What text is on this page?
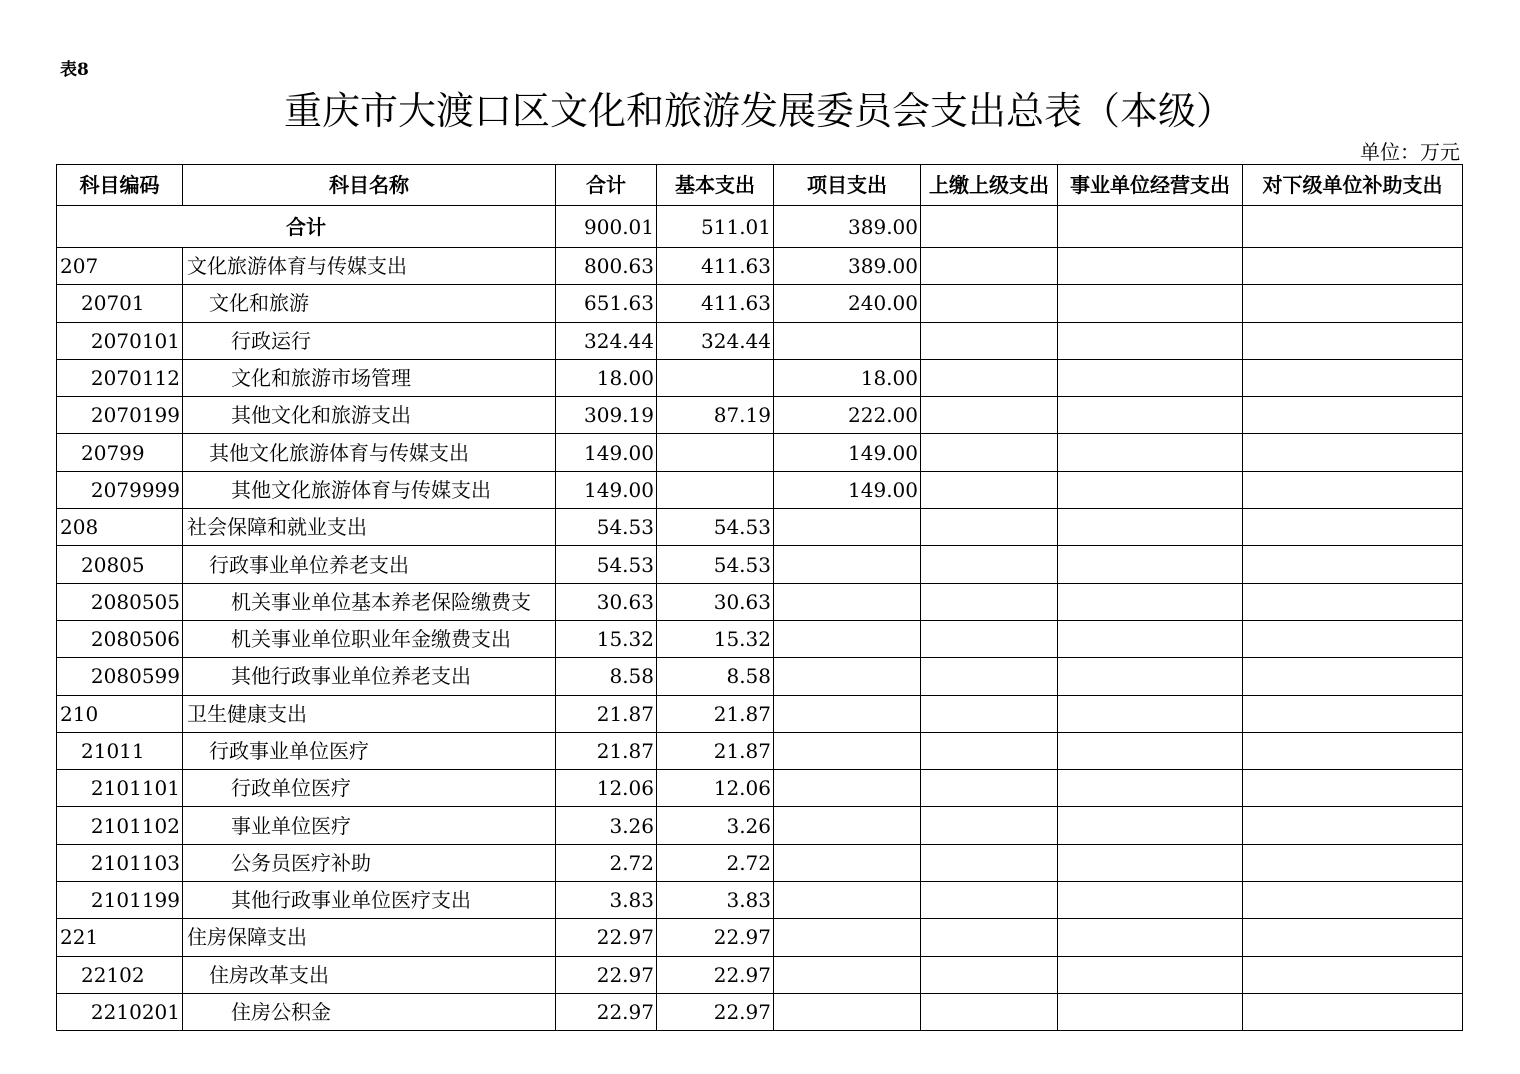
表8
重庆市大渡口区文化和旅游发展委员会支出总表（本级）
单位：万元
科目编码	科目名称	合计	基本支出	项目支出	上缴上级支出	事业单位经营支出	对下级单位补助支出
合计		900.01	511.01	389.00			
207	文化旅游体育与传媒支出	800.63	411.63	389.00			
20701	文化和旅游	651.63	411.63	240.00			
2070101	行政运行	324.44	324.44				
2070112	文化和旅游市场管理	18.00		18.00			
2070199	其他文化和旅游支出	309.19	87.19	222.00			
20799	其他文化旅游体育与传媒支出	149.00		149.00			
2079999	其他文化旅游体育与传媒支出	149.00		149.00			
208	社会保障和就业支出	54.53	54.53				
20805	行政事业单位养老支出	54.53	54.53				
2080505	机关事业单位基本养老保险缴费支	30.63	30.63				
2080506	机关事业单位职业年金缴费支出	15.32	15.32				
2080599	其他行政事业单位养老支出	8.58	8.58				
210	卫生健康支出	21.87	21.87				
21011	行政事业单位医疗	21.87	21.87				
2101101	行政单位医疗	12.06	12.06				
2101102	事业单位医疗	3.26	3.26				
2101103	公务员医疗补助	2.72	2.72				
2101199	其他行政事业单位医疗支出	3.83	3.83				
221	住房保障支出	22.97	22.97				
22102	住房改革支出	22.97	22.97				
2210201	住房公积金	22.97	22.97				
